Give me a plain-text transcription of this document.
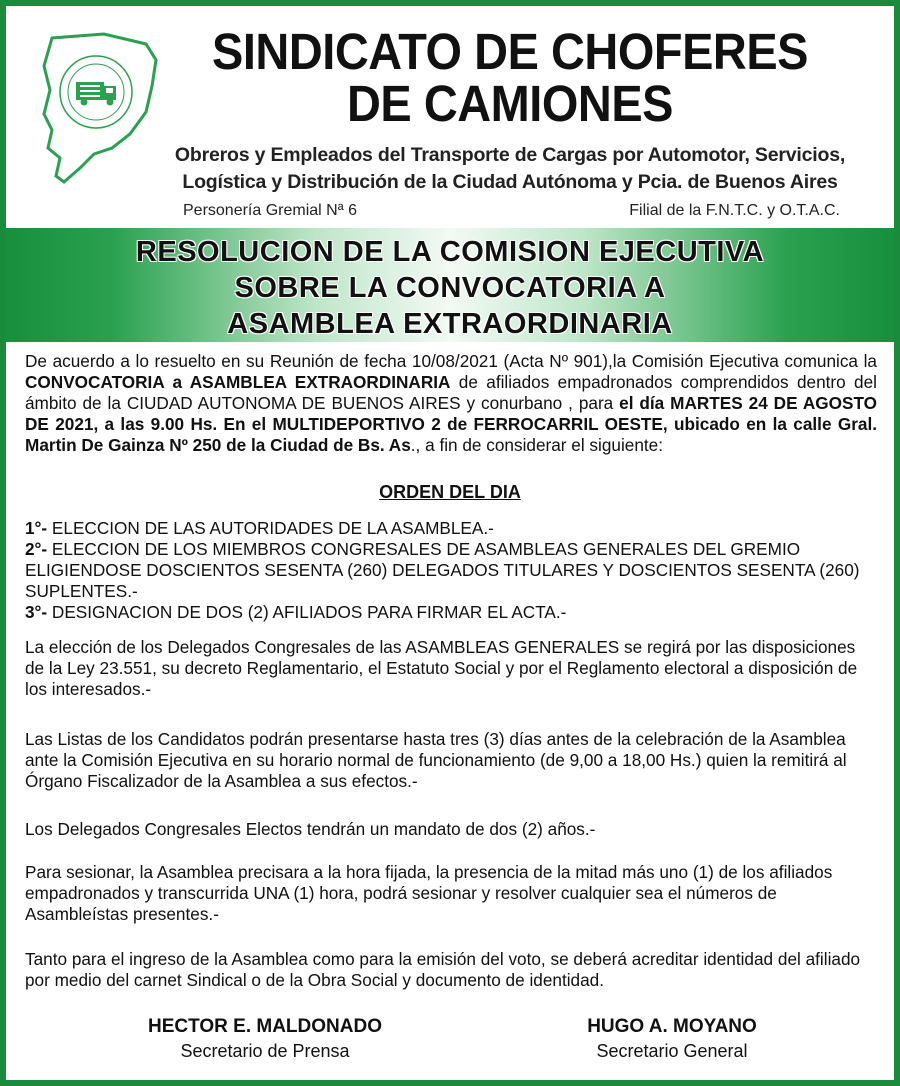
SINDICATO DE CHOFERES
DE CAMIONES
Obreros y Empleados del Transporte de Cargas por Automotor, Servicios,
Logística y Distribución de la Ciudad Autónoma y Pcia. de Buenos Aires
Personería Gremial Nª 6	Filial de la F.N.T.C. y O.T.A.C.
RESOLUCION DE LA COMISION EJECUTIVA
SOBRE LA CONVOCATORIA A
ASAMBLEA EXTRAORDINARIA
De acuerdo a lo resuelto en su Reunión de fecha 10/08/2021 (Acta Nº 901),la Comisión Ejecutiva comunica la CONVOCATORIA a ASAMBLEA EXTRAORDINARIA de afiliados empadronados comprendidos dentro del ámbito de la CIUDAD AUTONOMA DE BUENOS AIRES y conurbano , para el día MARTES 24 DE AGOSTO DE 2021, a las 9.00 Hs. En el MULTIDEPORTIVO 2 de FERROCARRIL OESTE, ubicado en la calle Gral. Martin De Gainza Nº 250 de la Ciudad de Bs. As., a fin de considerar el siguiente:
ORDEN DEL DIA
1°- ELECCION DE LAS AUTORIDADES DE LA ASAMBLEA.-
2°- ELECCION DE LOS MIEMBROS CONGRESALES DE ASAMBLEAS GENERALES DEL GREMIO ELIGIENDOSE DOSCIENTOS SESENTA (260) DELEGADOS TITULARES Y DOSCIENTOS SESENTA (260) SUPLENTES.-
3°- DESIGNACION DE DOS (2) AFILIADOS PARA FIRMAR EL ACTA.-
La elección de los Delegados Congresales de las ASAMBLEAS GENERALES se regirá por las disposiciones de la Ley 23.551, su decreto Reglamentario, el Estatuto Social y por el Reglamento electoral a disposición de los interesados.-
Las Listas de los Candidatos podrán presentarse hasta tres (3) días antes de la celebración de la Asamblea ante la Comisión Ejecutiva en su horario normal de funcionamiento (de 9,00 a 18,00 Hs.) quien la remitirá al Órgano Fiscalizador de la Asamblea a sus efectos.-
Los Delegados Congresales Electos tendrán un mandato de dos (2) años.-
Para sesionar, la Asamblea precisara a la hora fijada, la presencia de la mitad más uno (1) de los afiliados empadronados y transcurrida UNA (1) hora, podrá sesionar y resolver cualquier sea el números de Asambleístas presentes.-
Tanto para el ingreso de la Asamblea como para la emisión del voto, se deberá acreditar identidad del afiliado por medio del carnet Sindical o de la Obra Social y documento de identidad.
HECTOR E. MALDONADO
Secretario de Prensa
HUGO A. MOYANO
Secretario General
